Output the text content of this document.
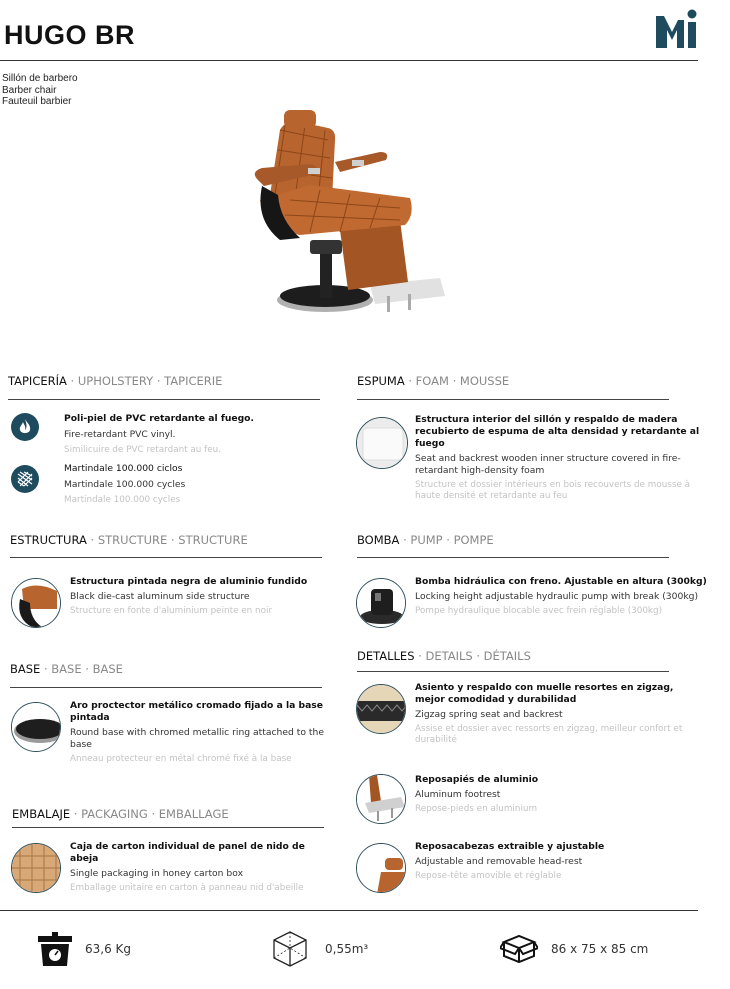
HUGO BR
Sillón de barbero
Barber chair
Fauteuil barbier
TAPICERÍA · UPHOLSTERY · TAPICERIE
Poli-piel de PVC retardante al fuego.
Fire-retardant PVC vinyl.
Similicuire de PVC retardant au feu.
Martindale 100.000 ciclos
Martindale 100.000 cycles
Martindale 100.000 cycles
ESPUMA · FOAM · MOUSSE
Estructura interior del sillón y respaldo de madera recubierto de espuma de alta densidad y retardante al fuego
Seat and backrest wooden inner structure covered in fire-retardant high-density foam
Structure et dossier intérieurs en bois recouverts de mousse à haute densité et retardante au feu
ESTRUCTURA · STRUCTURE · STRUCTURE
Estructura pintada negra de aluminio fundido
Black die-cast aluminum side structure
Structure en fonte d'aluminium peinte en noir
BOMBA · PUMP · POMPE
Bomba hidráulica con freno. Ajustable en altura (300kg)
Locking height adjustable hydraulic pump with break (300kg)
Pompe hydraulique blocable avec frein réglable (300kg)
BASE · BASE · BASE
Aro proctector metálico cromado fijado a la base pintada
Round base with chromed metallic ring attached to the base
Anneau protecteur en métal chromé fixé à la base
DETALLES · DETAILS · DÉTAILS
Asiento y respaldo con muelle resortes en zigzag, mejor comodidad y durabilidad
Zigzag spring seat and backrest
Assise et dossier avec ressorts en zigzag, meilleur confort et durabilité
Reposapiés de aluminio
Aluminum footrest
Repose-pieds en aluminium
Reposacabezas extraible y ajustable
Adjustable and removable head-rest
Repose-tête amovible et réglable
EMBALAJE · PACKAGING · EMBALLAGE
Caja de carton individual de panel de nido de abeja
Single packaging in honey carton box
Emballage unitaire en carton à panneau nid d'abeille
63,6 Kg	0,55m³	86 x 75 x 85 cm
